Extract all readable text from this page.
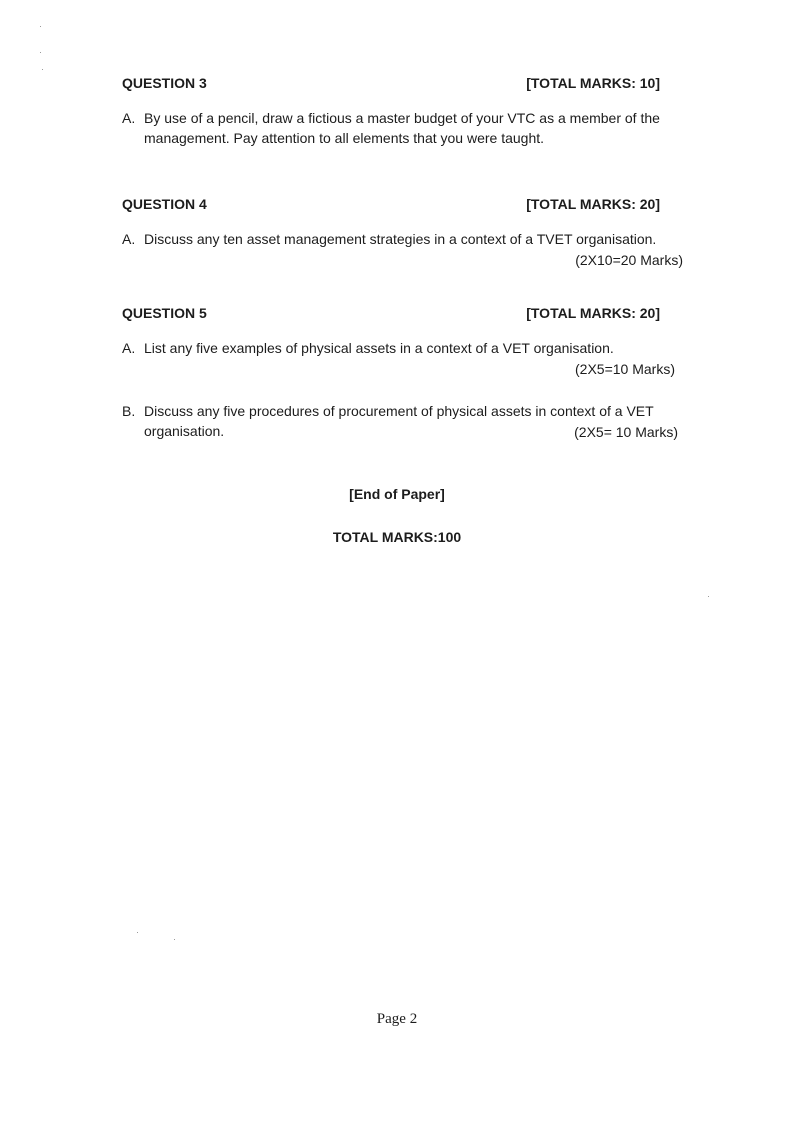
QUESTION 3	[TOTAL MARKS: 10]
A. By use of a pencil, draw a fictious a master budget of your VTC as a member of the
management. Pay attention to all elements that you were taught.
QUESTION 4	[TOTAL MARKS: 20]
A. Discuss any ten asset management strategies in a context of a TVET organisation.
(2X10=20 Marks)
QUESTION 5	[TOTAL MARKS: 20]
A. List any five examples of physical assets in a context of a VET organisation.
(2X5=10 Marks)
B. Discuss any five procedures of procurement of physical assets in context of a VET
organisation.	(2X5= 10 Marks)
[End of Paper]
TOTAL MARKS:100
Page 2
